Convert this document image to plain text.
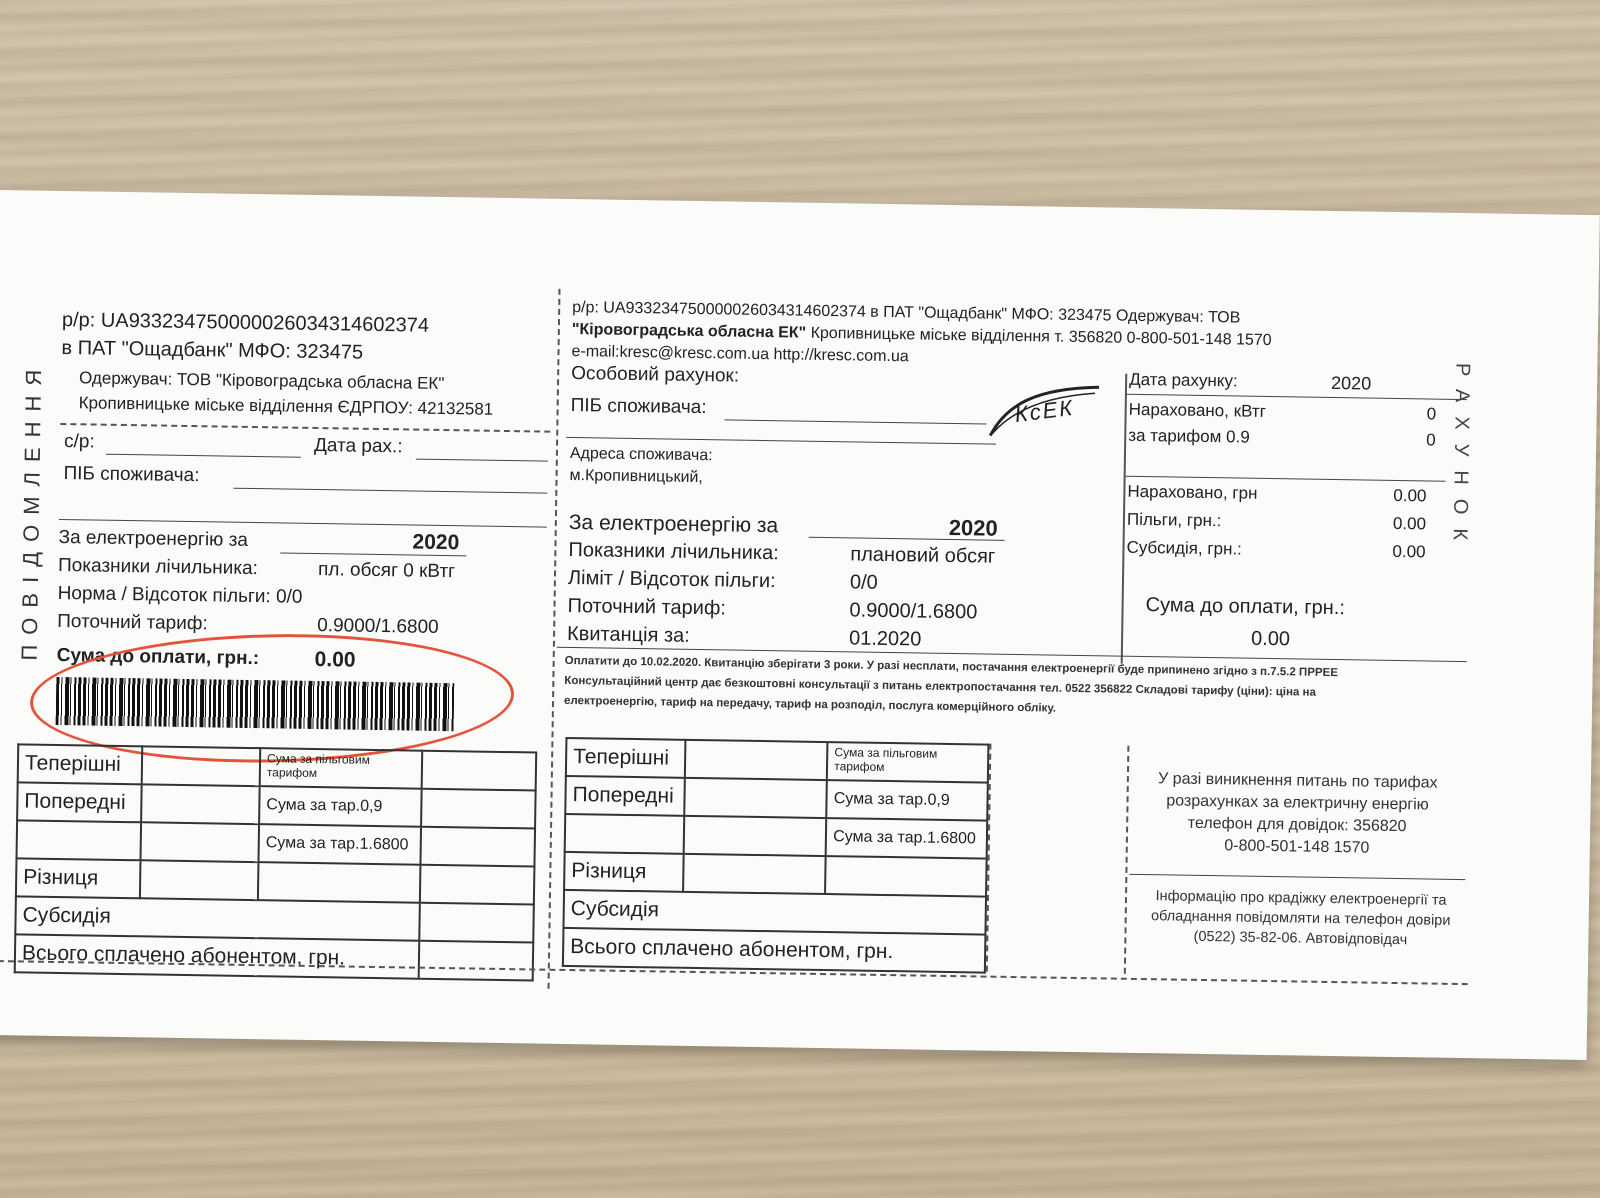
ПОВІДОМЛЕННЯ
р/р: UA933234750000026034314602374
в ПАТ "Ощадбанк" МФО: 323475
Одержувач: ТОВ "Кіровоградська обласна ЕК"
Кропивницьке міське відділення ЄДРПОУ: 42132581
с/р:	Дата рах.:
ПІБ споживача:
За електроенергію за	2020
Показники лічильника:	пл. обсяг 0 кВтг
Норма / Відсоток пільги: 0/0
Поточний тариф:	0.9000/1.6800
Сума до оплати, грн.:	0.00
Теперішні		Сума за пільговим тарифом	
Попередні		Сума за тар.0,9	
		Сума за тар.1.6800	
Різниця			
Субсидія			
Всього сплачено абонентом, грн.			
р/р: UA933234750000026034314602374 в ПАТ "Ощадбанк" МФО: 323475 Одержувач: ТОВ
"Кіровоградська обласна ЕК" Кропивницьке міське відділення т. 356820 0-800-501-148 1570
e-mail:kresc@kresc.com.ua http://kresc.com.ua
Особовий рахунок:
ПІБ споживача:	КсЕК
Адреса споживача:
м.Кропивницький,
За електроенергію за	2020
Показники лічильника:	плановий обсяг
Ліміт / Відсоток пільги:	0/0
Поточний тариф:	0.9000/1.6800
Квитанція за:	01.2020
Дата рахунку:	2020
Нараховано, кВтг	0
за тарифом 0.9	0
Нараховано, грн	0.00
Пільги, грн.:	0.00
Субсидія, грн.:	0.00
Сума до оплати, грн.:
0.00
РАХУНОК
Оплатити до 10.02.2020. Квитанцію зберігати 3 роки. У разі несплати, постачання електроенергії буде припинено згідно з п.7.5.2 ПРРЕЕ
Консультаційний центр дає безкоштовні консультації з питань електропостачання тел. 0522 356822 Складові тарифу (ціни): ціна на
електроенергію, тариф на передачу, тариф на розподіл, послуга комерційного обліку.
Теперішні		Сума за пільговим тарифом
Попередні		Сума за тар.0,9
		Сума за тар.1.6800
Різниця		
Субсидія		
Всього сплачено абонентом, грн.		
У разі виникнення питань по тарифах
розрахунках за електричну енергію
телефон для довідок: 356820
0-800-501-148 1570
Інформацію про крадіжку електроенергії та
обладнання повідомляти на телефон довіри
(0522) 35-82-06. Автовідповідач
